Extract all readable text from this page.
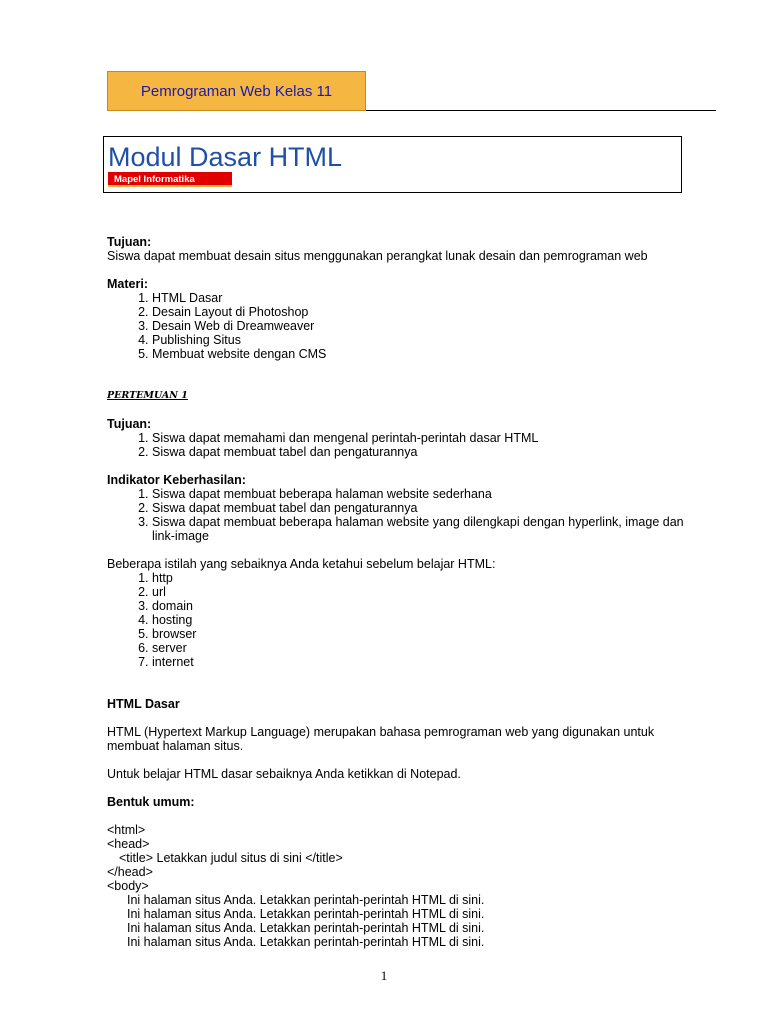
Pemrograman Web Kelas 11
Modul Dasar HTML
Mapel Informatika

Tujuan:

Siswa dapat membuat desain situs menggunakan perangkat lunak desain dan pemrograman web

Materi:

1. HTML Dasar
2. Desain Layout di Photoshop
3. Desain Web di Dreamweaver
4. Publishing Situs
5. Membuat website dengan CMS

PERTEMUAN 1

Tujuan:

1. Siswa dapat memahami dan mengenal perintah-perintah dasar HTML
2. Siswa dapat membuat tabel dan pengaturannya

Indikator Keberhasilan:

1. Siswa dapat membuat beberapa halaman website sederhana
2. Siswa dapat membuat tabel dan pengaturannya
3. Siswa dapat membuat beberapa halaman website yang dilengkapi dengan hyperlink, image dan link-image

Beberapa istilah yang sebaiknya Anda ketahui sebelum belajar HTML:

1. http
2. url
3. domain
4. hosting
5. browser
6. server
7. internet

HTML Dasar

HTML (Hypertext Markup Language) merupakan bahasa pemrograman web yang digunakan untuk membuat halaman situs.

Untuk belajar HTML dasar sebaiknya Anda ketikkan di Notepad.

Bentuk umum:

<html>

<head>

<title> Letakkan judul situs di sini </title>

</head>

<body>

Ini halaman situs Anda. Letakkan perintah-perintah HTML di sini.

Ini halaman situs Anda. Letakkan perintah-perintah HTML di sini.

Ini halaman situs Anda. Letakkan perintah-perintah HTML di sini.

Ini halaman situs Anda. Letakkan perintah-perintah HTML di sini.

1
